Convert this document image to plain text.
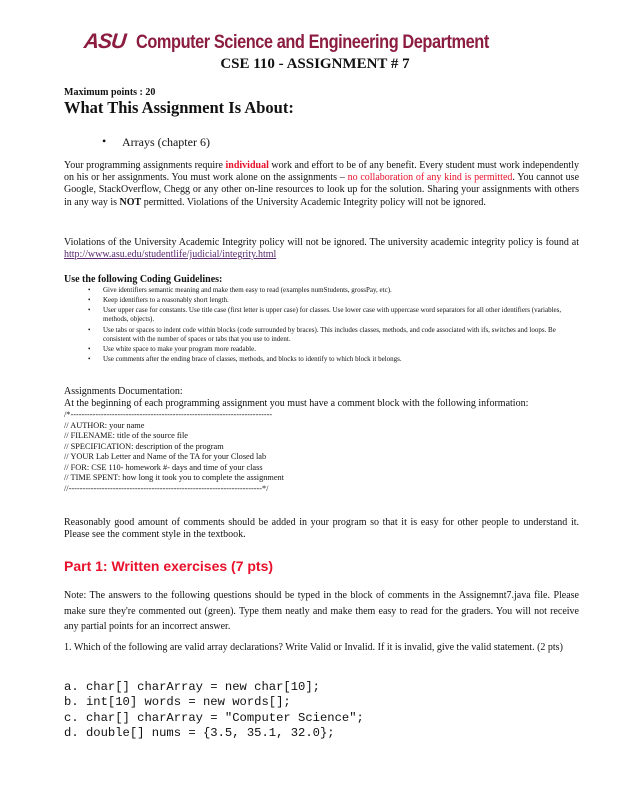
ASU Computer Science and Engineering Department
CSE 110 - ASSIGNMENT # 7
Maximum points : 20
What This Assignment Is About:
• Arrays (chapter 6)
Your programming assignments require individual work and effort to be of any benefit. Every student must work independently on his or her assignments. You must work alone on the assignments – no collaboration of any kind is permitted. You cannot use Google, StackOverflow, Chegg or any other on-line resources to look up for the solution. Sharing your assignments with others in any way is NOT permitted. Violations of the University Academic Integrity policy will not be ignored.
Violations of the University Academic Integrity policy will not be ignored. The university academic integrity policy is found at http://www.asu.edu/studentlife/judicial/integrity.html
Use the following Coding Guidelines:
• Give identifiers semantic meaning and make them easy to read (examples numStudents, grossPay, etc).
• Keep identifiers to a reasonably short length.
• User upper case for constants. Use title case (first letter is upper case) for classes. Use lower case with uppercase word separators for all other identifiers (variables, methods, objects).
• Use tabs or spaces to indent code within blocks (code surrounded by braces). This includes classes, methods, and code associated with ifs, switches and loops. Be consistent with the number of spaces or tabs that you use to indent.
• Use white space to make your program more readable.
• Use comments after the ending brace of classes, methods, and blocks to identify to which block it belongs.
Assignments Documentation:
At the beginning of each programming assignment you must have a comment block with the following information:
/*-------------------------------------------------------------------------
// AUTHOR: your name
// FILENAME: title of the source file
// SPECIFICATION: description of the program
// YOUR Lab Letter and Name of the TA for your Closed lab
// FOR: CSE 110- homework #- days and time of your class
// TIME SPENT: how long it took you to complete the assignment
//----------------------------------------------------------------------*/
Reasonably good amount of comments should be added in your program so that it is easy for other people to understand it. Please see the comment style in the textbook.
Part 1: Written exercises (7 pts)
Note: The answers to the following questions should be typed in the block of comments in the Assignemnt7.java file. Please make sure they're commented out (green). Type them neatly and make them easy to read for the graders. You will not receive any partial points for an incorrect answer.
1. Which of the following are valid array declarations? Write Valid or Invalid. If it is invalid, give the valid statement. (2 pts)
a. char[] charArray = new char[10];
b. int[10] words = new words[];
c. char[] charArray = "Computer Science";
d. double[] nums = {3.5, 35.1, 32.0};
